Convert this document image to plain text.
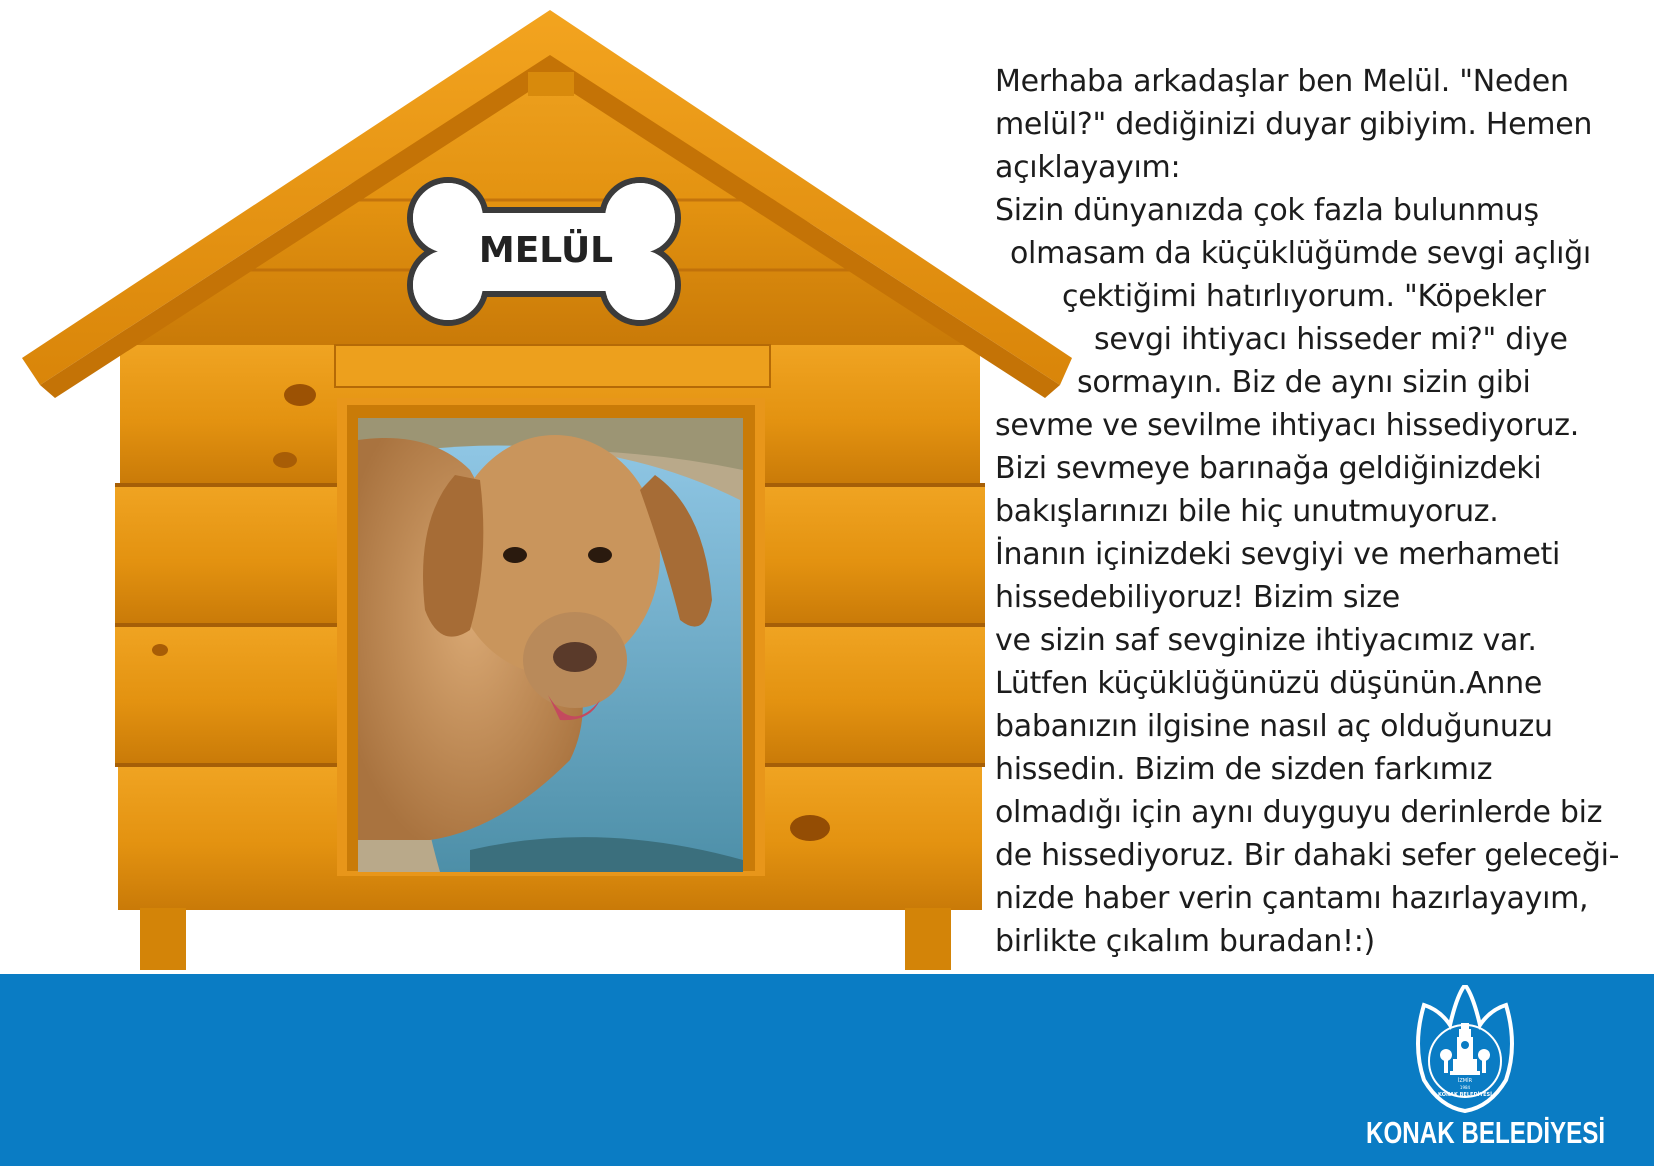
MELÜL
Merhaba arkadaşlar ben Melül. "Neden
melül?" dediğinizi duyar gibiyim. Hemen
açıklayayım:
Sizin dünyanızda çok fazla bulunmuş
olmasam da küçüklüğümde sevgi açlığı
çektiğimi hatırlıyorum. "Köpekler
sevgi ihtiyacı hisseder mi?" diye
sormayın. Biz de aynı sizin gibi
sevme ve sevilme ihtiyacı hissediyoruz.
Bizi sevmeye barınağa geldiğinizdeki
bakışlarınızı bile hiç unutmuyoruz.
İnanın içinizdeki sevgiyi ve merhameti
hissedebiliyoruz! Bizim size
ve sizin saf sevginize ihtiyacımız var.
Lütfen küçüklüğünüzü düşünün.Anne
babanızın ilgisine nasıl aç olduğunuzu
hissedin. Bizim de sizden farkımız
olmadığı için aynı duyguyu derinlerde biz
de hissediyoruz. Bir dahaki sefer geleceği-
nizde haber verin çantamı hazırlayayım,
birlikte çıkalım buradan!:)
İZMİR
1984
KONAK BELEDİYESİ
KONAK BELEDİYESİ
